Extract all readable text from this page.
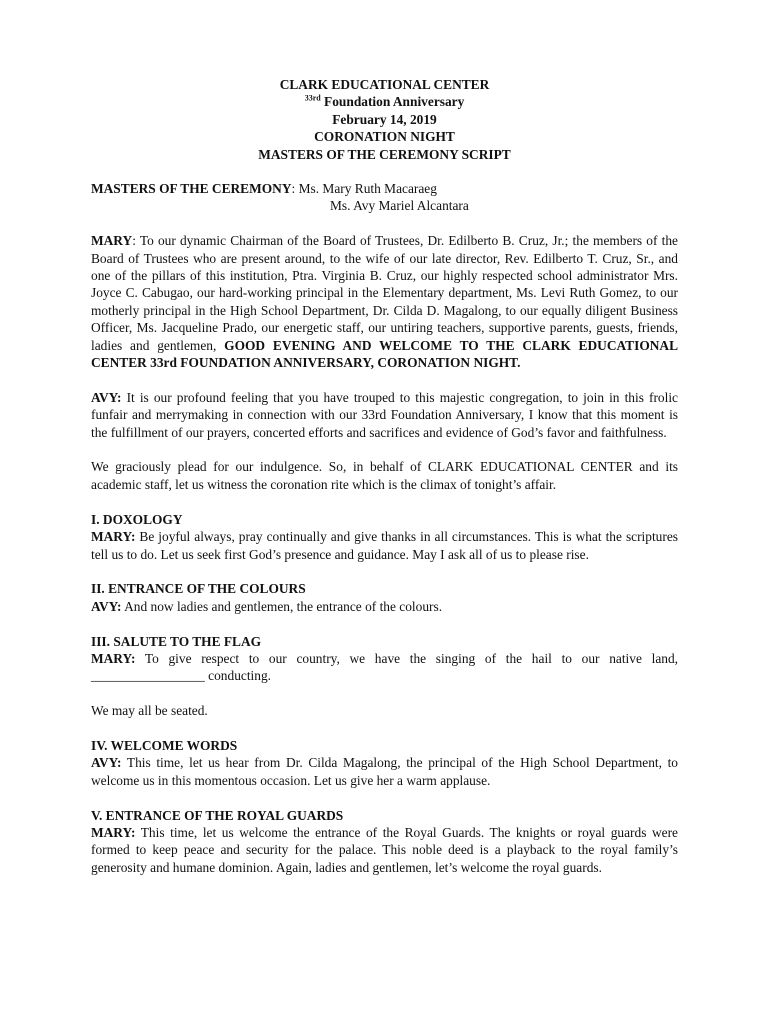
CLARK EDUCATIONAL CENTER

$^{33rd}$ Foundation Anniversary

February 14, 2019

CORONATION NIGHT

MASTERS OF THE CEREMONY SCRIPT

MASTERS OF THE CEREMONY :
Ms. Mary Ruth Macaraeg
Ms. Avy Mariel Alcantara

MARY: To our dynamic Chairman of the Board of Trustees, Dr. Edilberto B. Cruz, Jr.; the members of the Board of Trustees who are present around, to the wife of our late director, Rev. Edilberto T. Cruz, Sr., and one of the pillars of this institution, Ptra. Virginia B. Cruz, our highly respected school administrator Mrs. Joyce C. Cabugao, our hard-working principal in the Elementary department, Ms. Levi Ruth Gomez, to our motherly principal in the High School Department, Dr. Cilda D. Magalong, to our equally diligent Business Officer, Ms. Jacqueline Prado, our energetic staff, our untiring teachers, supportive parents, guests, friends, ladies and gentlemen, GOOD EVENING AND WELCOME TO THE CLARK EDUCATIONAL CENTER 33rd FOUNDATION ANNIVERSARY, CORONATION NIGHT.

AVY: It is our profound feeling that you have trouped to this majestic congregation, to join in this frolic funfair and merrymaking in connection with our 33rd Foundation Anniversary, I know that this moment is the fulfillment of our prayers, concerted efforts and sacrifices and evidence of God’s favor and faithfulness.

We graciously plead for our indulgence. So, in behalf of CLARK EDUCATIONAL CENTER and its academic staff, let us witness the coronation rite which is the climax of tonight’s affair.

I. DOXOLOGY

MARY: Be joyful always, pray continually and give thanks in all circumstances. This is what the scriptures tell us to do. Let us seek first God’s presence and guidance. May I ask all of us to please rise.

II. ENTRANCE OF THE COLOURS

AVY: And now ladies and gentlemen, the entrance of the colours.

III. SALUTE TO THE FLAG

MARY: To give respect to our country, we have the singing of the hail to our native land, _________________ conducting.

We may all be seated.

IV. WELCOME WORDS

AVY: This time, let us hear from Dr. Cilda Magalong, the principal of the High School Department, to welcome us in this momentous occasion. Let us give her a warm applause.

V. ENTRANCE OF THE ROYAL GUARDS

MARY: This time, let us welcome the entrance of the Royal Guards. The knights or royal guards were formed to keep peace and security for the palace. This noble deed is a playback to the royal family’s generosity and humane dominion. Again, ladies and gentlemen, let’s welcome the royal guards.
